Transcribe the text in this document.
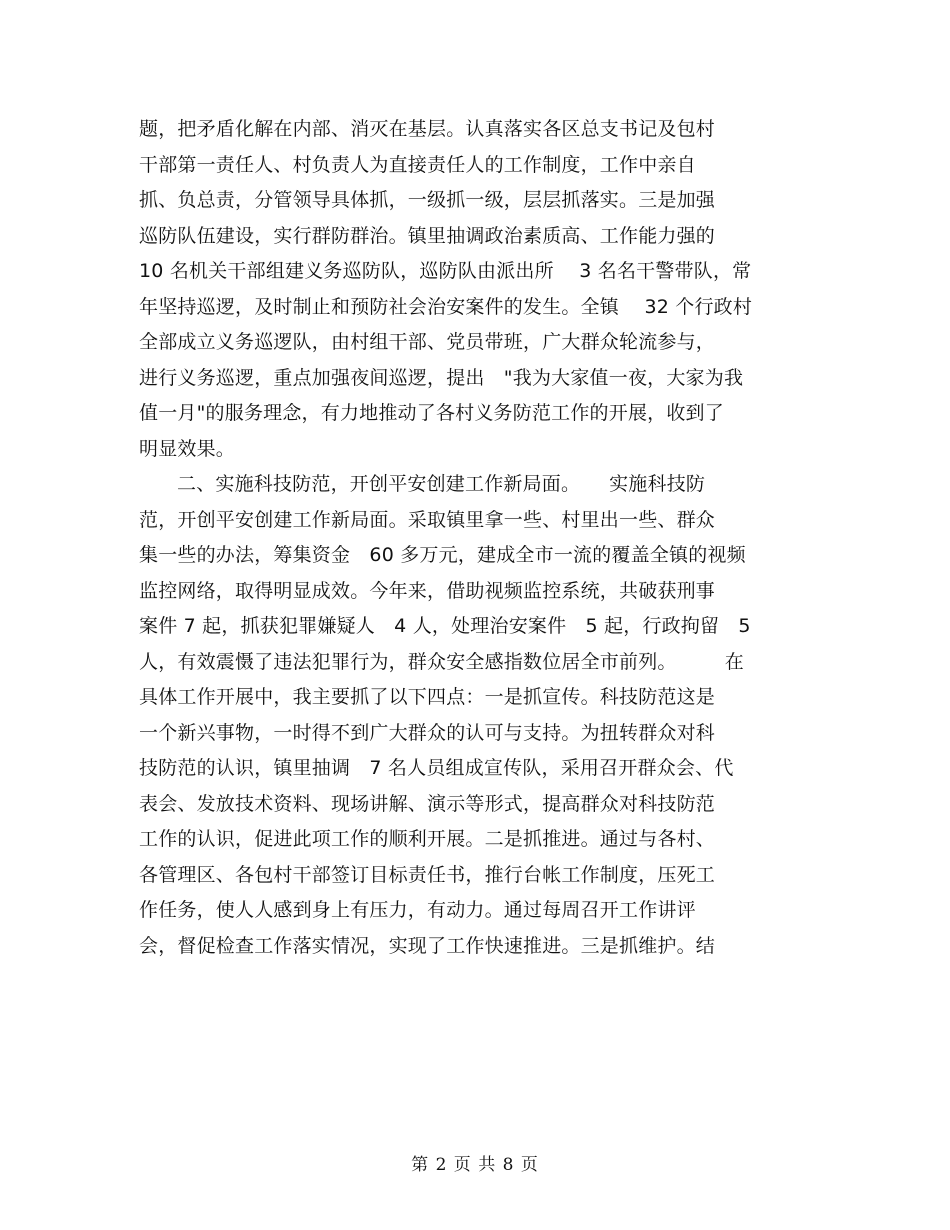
题，把矛盾化解在内部、消灭在基层。认真落实各区总支书记及包村
干部第一责任人、村负责人为直接责任人的工作制度，工作中亲自
抓、负总责，分管领导具体抓，一级抓一级，层层抓落实。三是加强
巡防队伍建设，实行群防群治。镇里抽调政治素质高、工作能力强的
10 名机关干部组建义务巡防队，巡防队由派出所　 3 名名干警带队，常
年坚持巡逻，及时制止和预防社会治安案件的发生。全镇　 32 个行政村
全部成立义务巡逻队，由村组干部、党员带班，广大群众轮流参与，
进行义务巡逻，重点加强夜间巡逻，提出　"我为大家值一夜，大家为我
值一月"的服务理念，有力地推动了各村义务防范工作的开展，收到了
明显效果。
二、实施科技防范，开创平安创建工作新局面。　　实施科技防
范，开创平安创建工作新局面。采取镇里拿一些、村里出一些、群众
集一些的办法，筹集资金　60 多万元，建成全市一流的覆盖全镇的视频
监控网络，取得明显成效。今年来，借助视频监控系统，共破获刑事
案件 7 起，抓获犯罪嫌疑人　4 人，处理治安案件　5 起，行政拘留　5
人，有效震慑了违法犯罪行为，群众安全感指数位居全市前列。　　　在
具体工作开展中，我主要抓了以下四点：一是抓宣传。科技防范这是
一个新兴事物，一时得不到广大群众的认可与支持。为扭转群众对科
技防范的认识，镇里抽调　7 名人员组成宣传队，采用召开群众会、代
表会、发放技术资料、现场讲解、演示等形式，提高群众对科技防范
工作的认识，促进此项工作的顺利开展。二是抓推进。通过与各村、
各管理区、各包村干部签订目标责任书，推行台帐工作制度，压死工
作任务，使人人感到身上有压力，有动力。通过每周召开工作讲评
会，督促检查工作落实情况，实现了工作快速推进。三是抓维护。结
第 2 页 共 8 页
